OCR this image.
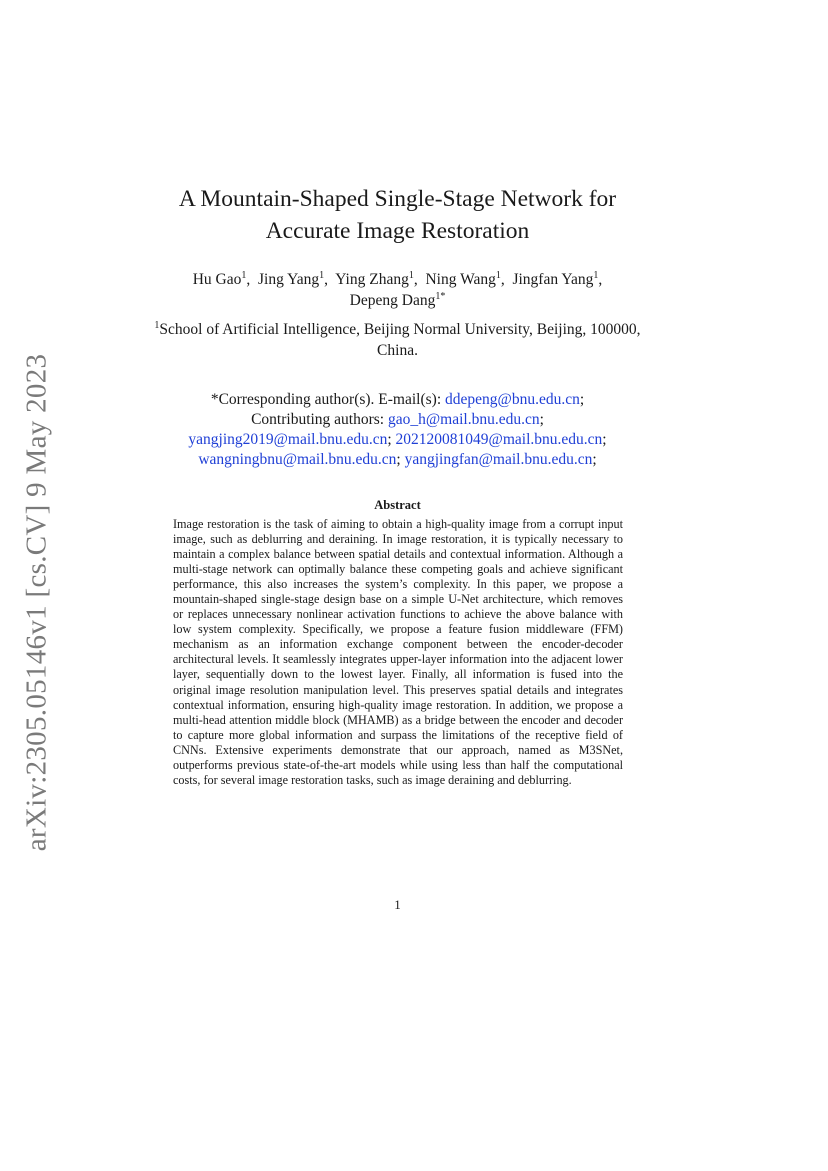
arXiv:2305.05146v1 [cs.CV] 9 May 2023
A Mountain-Shaped Single-Stage Network for Accurate Image Restoration
Hu Gao$^1$, Jing Yang$^1$, Ying Zhang$^1$, Ning Wang$^1$, Jingfan Yang$^1$,
Depeng Dang$^{1*}$
$^1$School of Artificial Intelligence, Beijing Normal University, Beijing, 100000, China.
*Corresponding author(s). E-mail(s): ddepeng@bnu.edu.cn;
Contributing authors: gao_h@mail.bnu.edu.cn;
yangjing2019@mail.bnu.edu.cn; 202120081049@mail.bnu.edu.cn;
wangningbnu@mail.bnu.edu.cn; yangjingfan@mail.bnu.edu.cn;
Abstract
Image restoration is the task of aiming to obtain a high-quality image from a corrupt input image, such as deblurring and deraining. In image restoration, it is typically necessary to maintain a complex balance between spatial details and contextual information. Although a multi-stage network can optimally balance these competing goals and achieve significant performance, this also increases the system’s complexity. In this paper, we propose a mountain-shaped single-stage design base on a simple U-Net architecture, which removes or replaces unnecessary nonlinear activation functions to achieve the above balance with low system complexity. Specifically, we propose a feature fusion middleware (FFM) mechanism as an information exchange component between the encoder-decoder architectural levels. It seamlessly integrates upper-layer information into the adjacent lower layer, sequentially down to the lowest layer. Finally, all information is fused into the original image resolution manipulation level. This preserves spatial details and integrates contextual information, ensuring high-quality image restoration. In addition, we propose a multi-head attention middle block (MHAMB) as a bridge between the encoder and decoder to capture more global information and surpass the limitations of the receptive field of CNNs. Extensive experiments demonstrate that our approach, named as M3SNet, outperforms previous state-of-the-art models while using less than half the computational costs, for several image restoration tasks, such as image deraining and deblurring.
1
